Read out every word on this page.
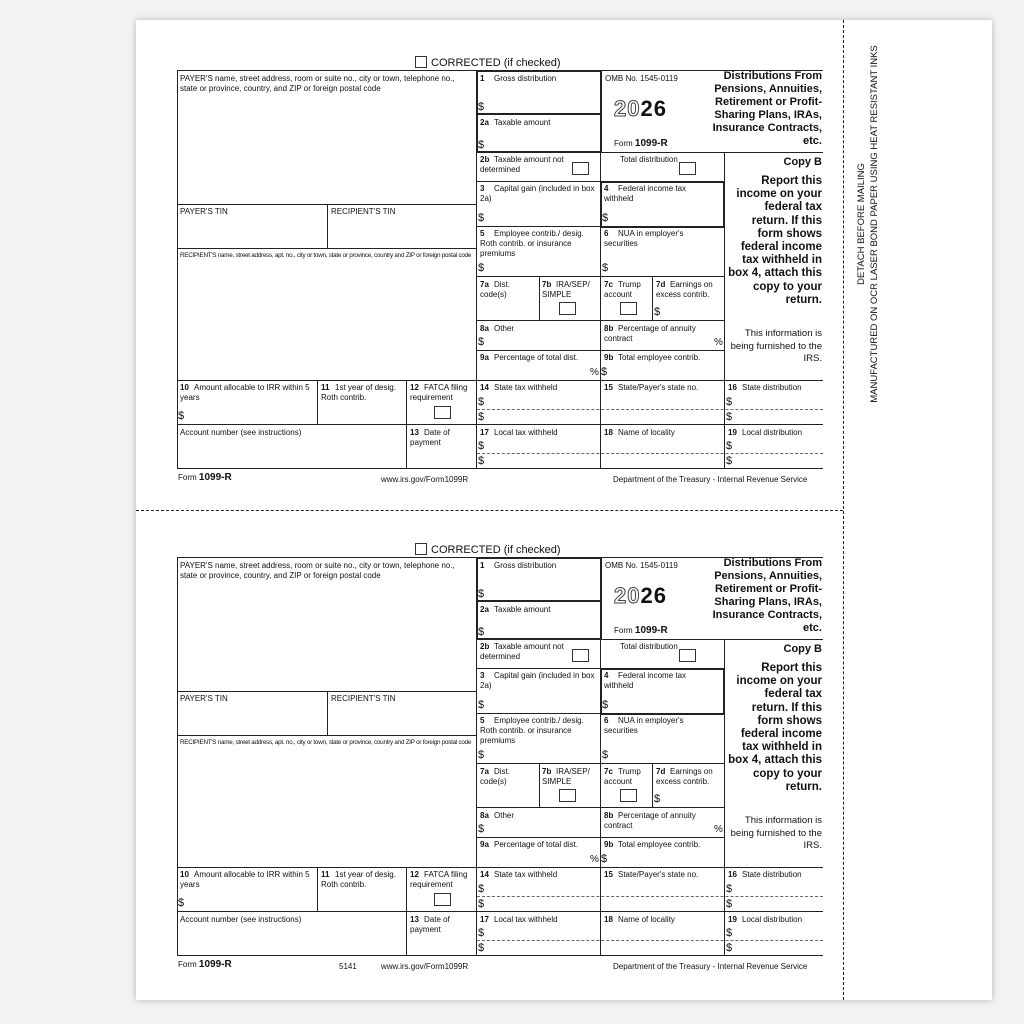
DETACH BEFORE MAILING MANUFACTURED ON OCR LASER BOND PAPER USING HEAT RESISTANT INKS
CORRECTED (if checked)
PAYER'S name, street address, room or suite no., city or town, telephone no., state or province, country, and ZIP or foreign postal code
PAYER'S TIN	RECIPIENT'S TIN
RECIPIENT'S name, street address, apt. no., city or town, state or province, country and ZIP or foreign postal code
1 Gross distribution
$
2a Taxable amount
$
OMB No. 1545-0119
2026
Form 1099-R
Distributions From Pensions, Annuities, Retirement or Profit-Sharing Plans, IRAs, Insurance Contracts, etc.
Copy B
Report this income on your federal tax return. If this form shows federal income tax withheld in box 4, attach this copy to your return.
This information is being furnished to the IRS.
2b Taxable amount not determined
Total distribution
3 Capital gain (included in box 2a)
$
4 Federal income tax withheld
$
5 Employee contrib./ desig. Roth contrib. or insurance premiums
$
6 NUA in employer's securities
$
7a Dist. code(s)
7b IRA/SEP/ SIMPLE
7c Trump account
7d Earnings on excess contrib.
$
8a Other
$
8b Percentage of annuity contract	%
9a Percentage of total dist.
%
9b Total employee contrib.
$
10 Amount allocable to IRR within 5 years
$
11 1st year of desig. Roth contrib.
12 FATCA filing requirement
14 State tax withheld
$
$
15 State/Payer's state no.	16 State distribution
$
$
Account number (see instructions)	13 Date of payment
17 Local tax withheld
$
$
18 Name of locality	19 Local distribution
$
$
Form 1099-R	www.irs.gov/Form1099R	Department of the Treasury - Internal Revenue Service
CORRECTED (if checked)
PAYER'S name, street address, room or suite no., city or town, telephone no., state or province, country, and ZIP or foreign postal code
PAYER'S TIN	RECIPIENT'S TIN
RECIPIENT'S name, street address, apt. no., city or town, state or province, country and ZIP or foreign postal code
1 Gross distribution
$
2a Taxable amount
$
OMB No. 1545-0119
2026
Form 1099-R
Distributions From Pensions, Annuities, Retirement or Profit-Sharing Plans, IRAs, Insurance Contracts, etc.
Copy B
Report this income on your federal tax return. If this form shows federal income tax withheld in box 4, attach this copy to your return.
This information is being furnished to the IRS.
2b Taxable amount not determined
Total distribution
3 Capital gain (included in box 2a)
$
4 Federal income tax withheld
$
5 Employee contrib./ desig. Roth contrib. or insurance premiums
$
6 NUA in employer's securities
$
7a Dist. code(s)
7b IRA/SEP/ SIMPLE
7c Trump account
7d Earnings on excess contrib.
$
8a Other
$
8b Percentage of annuity contract	%
9a Percentage of total dist.
%
9b Total employee contrib.
$
10 Amount allocable to IRR within 5 years
$
11 1st year of desig. Roth contrib.
12 FATCA filing requirement
14 State tax withheld
$
$
15 State/Payer's state no.	16 State distribution
$
$
Account number (see instructions)	13 Date of payment
17 Local tax withheld
$
$
18 Name of locality	19 Local distribution
$
$
Form 1099-R	5141	www.irs.gov/Form1099R	Department of the Treasury - Internal Revenue Service
